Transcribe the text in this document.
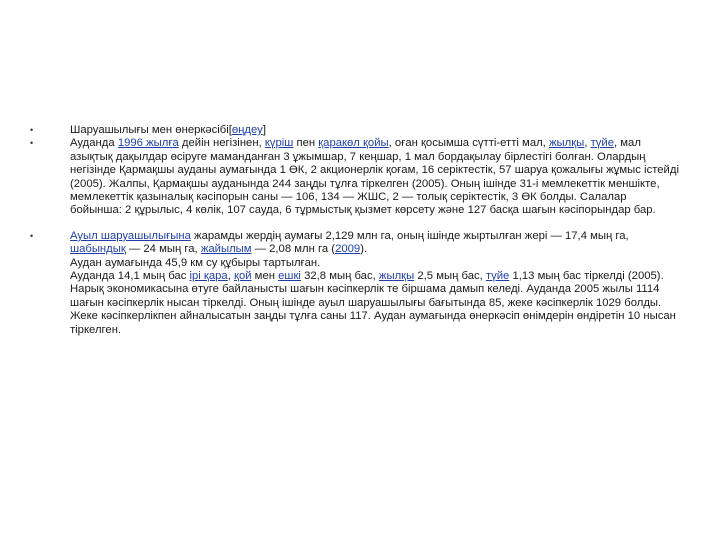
•	Шаруашылығы мен өнеркәсібі[өңдеу]
•	Ауданда 1996 жылға дейін негізінен, күріш пен қаракөл қойы, оған қосымша сүтті-етті мал, жылқы, түйе, мал азықтық дақылдар өсіруге маманданған 3 ұжымшар, 7 кеңшар, 1 мал бордақылау бірлестігі болған. Олардың негізінде Қармақшы ауданы аумағында 1 ӨК, 2 акционерлік қоғам, 16 серіктестік, 57 шаруа қожалығы жұмыс істейді (2005). Жалпы, Қармақшы ауданында 244 заңды тұлға тіркелген (2005). Оның ішінде 31-і мемлекеттік меншікте, мемлекеттік қазыналық кәсіпорын саны — 106, 134 — ЖШС, 2 — толық серіктестік, 3 ӨК болды. Салалар бойынша: 2 құрылыс, 4 көлік, 107 сауда, 6 тұрмыстық қызмет көрсету және 127 басқа шағын кәсіпорындар бар.
•	Ауыл шаруашылығына жарамды жердің аумағы 2,129 млн га, оның ішінде жыртылған жері — 17,4 мың га, шабындық — 24 мың га, жайылым — 2,08 млн га (2009).
Аудан аумағында 45,9 км су құбыры тартылған.
Ауданда 14,1 мың бас ірі қара, қой мен ешкі 32,8 мың бас, жылқы 2,5 мың бас, түйе 1,13 мың бас тіркелді (2005).
Нарық экономикасына өтуге байланысты шағын кәсіпкерлік те біршама дамып келеді. Ауданда 2005 жылы 1114 шағын кәсіпкерлік нысан тіркелді. Оның ішінде ауыл шаруашылығы бағытында 85, жеке кәсіпкерлік 1029 болды. Жеке кәсіпкерлікпен айналысатын заңды тұлға саны 117. Аудан аумағында өнеркәсіп өнімдерін өндіретін 10 нысан тіркелген.
